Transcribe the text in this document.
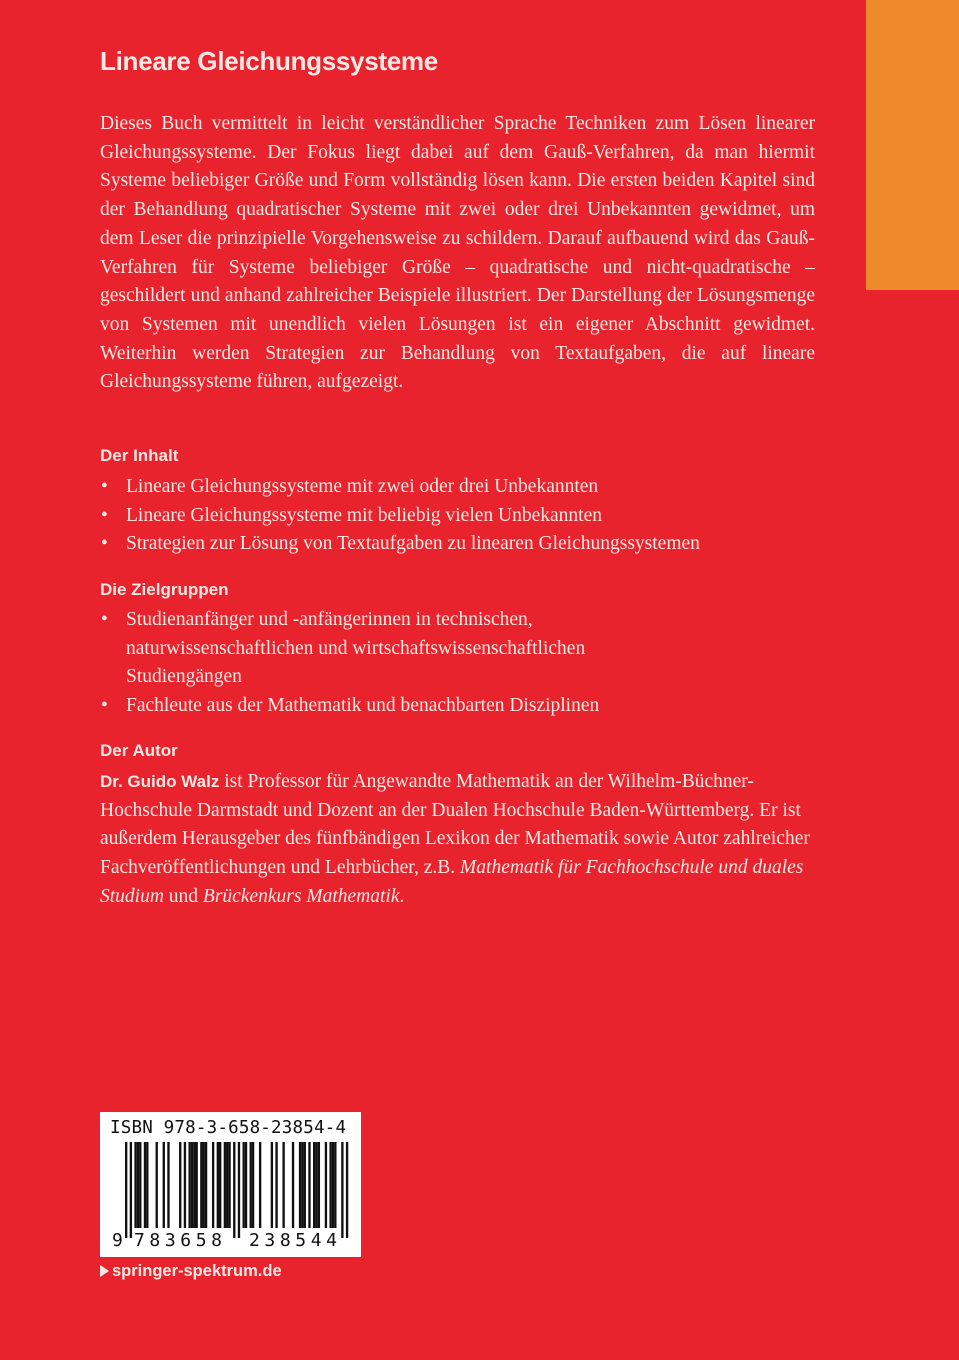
Lineare Gleichungssysteme

Dieses Buch vermittelt in leicht verständlicher Sprache Techniken zum Lösen linearer Gleichungssysteme. Der Fokus liegt dabei auf dem Gauß-Verfahren, da man hiermit Systeme beliebiger Größe und Form vollständig lösen kann. Die ersten beiden Kapitel sind der Behandlung quadratischer Systeme mit zwei oder drei Unbekannten gewidmet, um dem Leser die prinzipielle Vorgehensweise zu schildern. Darauf aufbauend wird das Gauß-Verfahren für Systeme beliebiger Größe – quadratische und nicht-quadratische – geschildert und anhand zahlreicher Beispiele illustriert. Der Darstellung der Lösungsmenge von Systemen mit unendlich vielen Lösungen ist ein eigener Abschnitt gewidmet. Weiterhin werden Strategien zur Behandlung von Textaufgaben, die auf lineare Gleichungssysteme führen, aufgezeigt.

Der Inhalt
• Lineare Gleichungssysteme mit zwei oder drei Unbekannten
• Lineare Gleichungssysteme mit beliebig vielen Unbekannten
• Strategien zur Lösung von Textaufgaben zu linearen Gleichungssystemen
Die Zielgruppen
• Studienanfänger und -anfängerinnen in technischen, naturwissenschaftlichen und wirtschaftswissenschaftlichen Studiengängen
• Fachleute aus der Mathematik und benachbarten Disziplinen
Der Autor

Dr. Guido Walz ist Professor für Angewandte Mathematik an der Wilhelm-Büchner-Hochschule Darmstadt und Dozent an der Dualen Hochschule Baden-Württemberg. Er ist außerdem Herausgeber des fünfbändigen Lexikon der Mathematik sowie Autor zahlreicher Fachveröffentlichungen und Lehrbücher, z.B. Mathematik für Fachhochschule und duales Studium und Brückenkurs Mathematik.

ISBN 978-3-658-23854-4
9 783658 238544
springer-spektrum.de
